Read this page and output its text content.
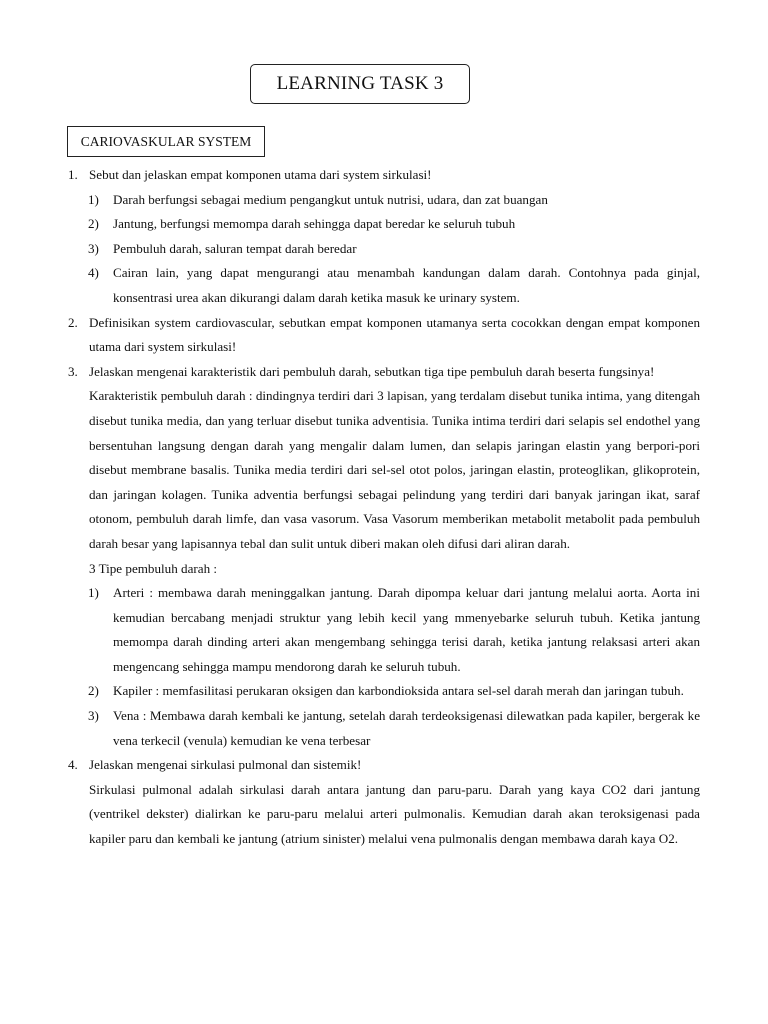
LEARNING TASK 3
CARIOVASKULAR SYSTEM
1. Sebut dan jelaskan empat komponen utama dari system sirkulasi!
1) Darah berfungsi sebagai medium pengangkut untuk nutrisi, udara, dan zat buangan
2) Jantung, berfungsi memompa darah sehingga dapat beredar ke seluruh tubuh
3) Pembuluh darah, saluran tempat darah beredar
4) Cairan lain, yang dapat mengurangi atau menambah kandungan dalam darah. Contohnya pada ginjal, konsentrasi urea akan dikurangi dalam darah ketika masuk ke urinary system.
2. Definisikan system cardiovascular, sebutkan empat komponen utamanya serta cocokkan dengan empat komponen utama dari system sirkulasi!
3. Jelaskan mengenai karakteristik dari pembuluh darah, sebutkan tiga tipe pembuluh darah beserta fungsinya!
Karakteristik pembuluh darah : dindingnya terdiri dari 3 lapisan, yang terdalam disebut tunika intima, yang ditengah disebut tunika media, dan yang terluar disebut tunika adventisia. Tunika intima terdiri dari selapis sel endothel yang bersentuhan langsung dengan darah yang mengalir dalam lumen, dan selapis jaringan elastin yang berpori-pori disebut membrane basalis. Tunika media terdiri dari sel-sel otot polos, jaringan elastin, proteoglikan, glikoprotein, dan jaringan kolagen. Tunika adventia berfungsi sebagai pelindung yang terdiri dari banyak jaringan ikat, saraf otonom, pembuluh darah limfe, dan vasa vasorum. Vasa Vasorum memberikan metabolit metabolit pada pembuluh darah besar yang lapisannya tebal dan sulit untuk diberi makan oleh difusi dari aliran darah.
3 Tipe pembuluh darah :
1) Arteri : membawa darah meninggalkan jantung. Darah dipompa keluar dari jantung melalui aorta. Aorta ini kemudian bercabang menjadi struktur yang lebih kecil yang mmenyebarke seluruh tubuh. Ketika jantung memompa darah dinding arteri akan mengembang sehingga terisi darah, ketika jantung relaksasi arteri akan mengencang sehingga mampu mendorong darah ke seluruh tubuh.
2) Kapiler : memfasilitasi perukaran oksigen dan karbondioksida antara sel-sel darah merah dan jaringan tubuh.
3) Vena : Membawa darah kembali ke jantung, setelah darah terdeoksigenasi dilewatkan pada kapiler, bergerak ke vena terkecil (venula) kemudian ke vena terbesar
4. Jelaskan mengenai sirkulasi pulmonal dan sistemik!
Sirkulasi pulmonal adalah sirkulasi darah antara jantung dan paru-paru. Darah yang kaya CO2 dari jantung (ventrikel dekster) dialirkan ke paru-paru melalui arteri pulmonalis. Kemudian darah akan teroksigenasi pada kapiler paru dan kembali ke jantung (atrium sinister) melalui vena pulmonalis dengan membawa darah kaya O2.
